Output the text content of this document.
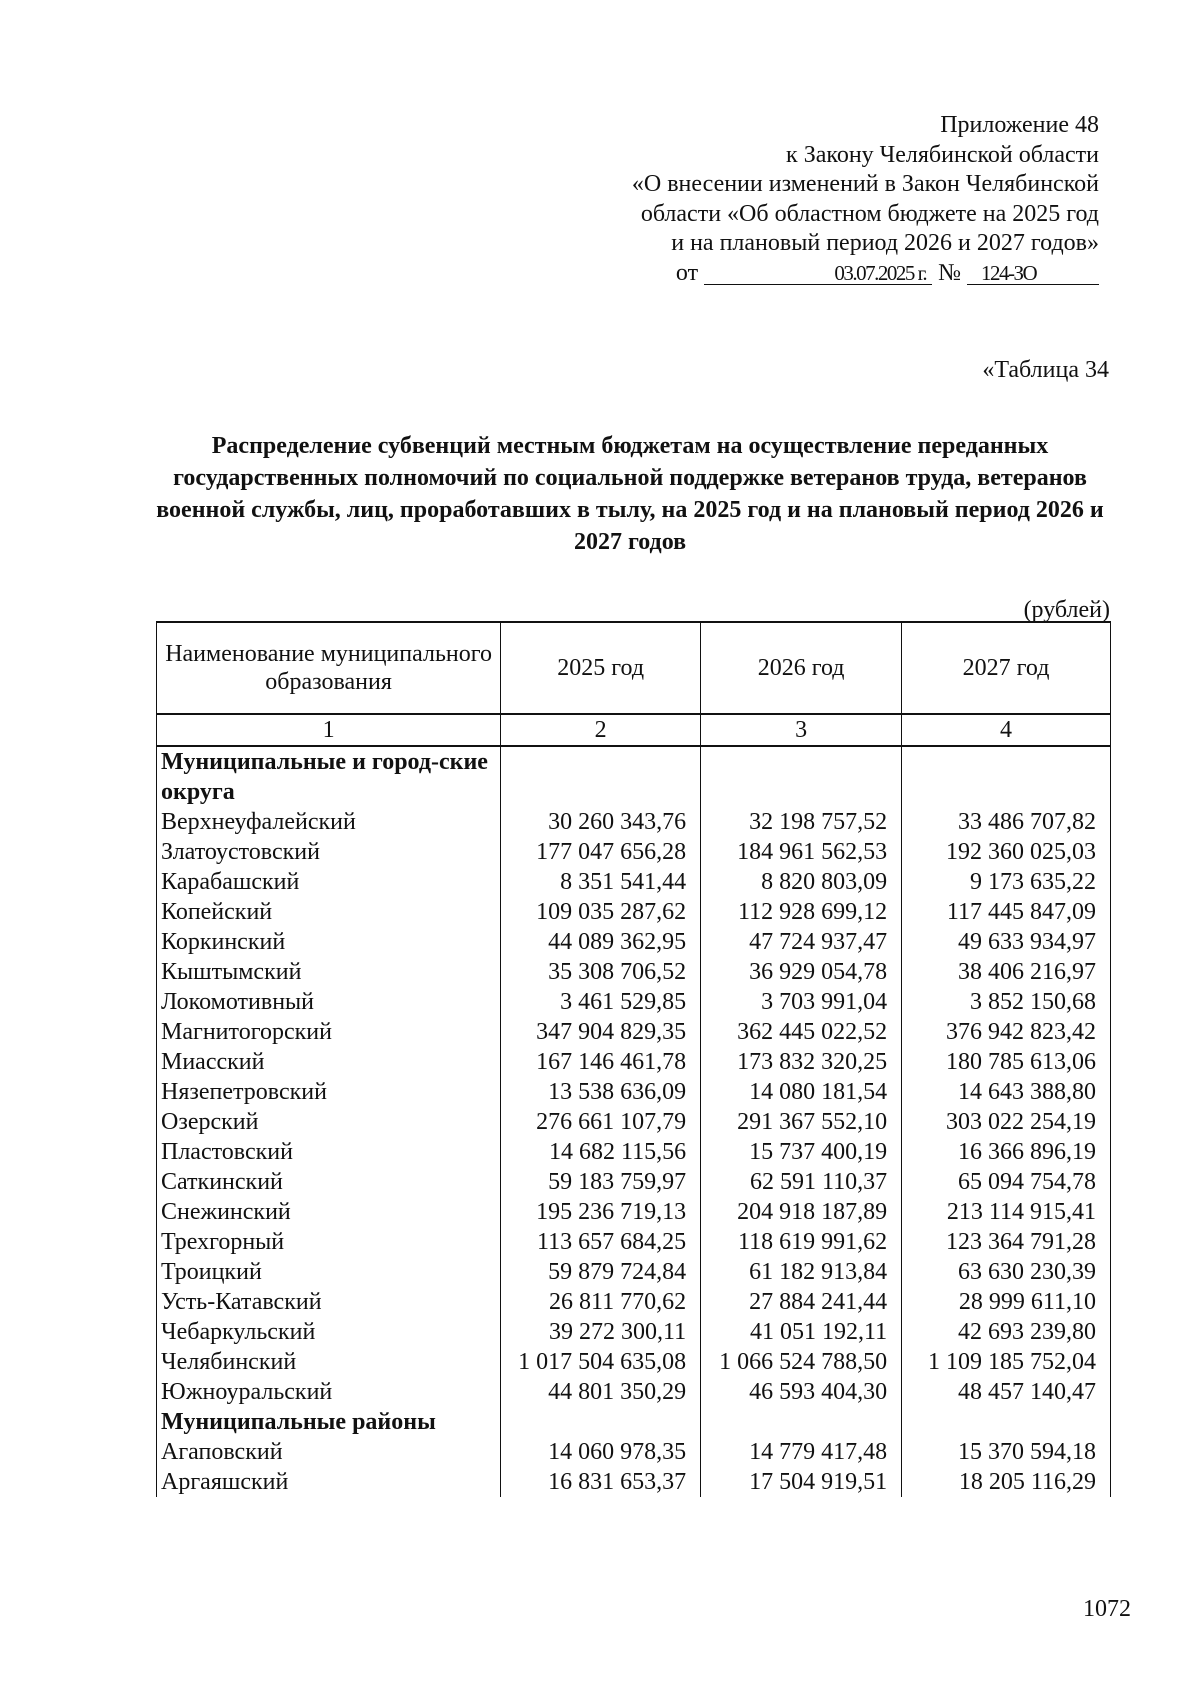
Приложение 48
к Закону Челябинской области
«О внесении изменений в Закон Челябинской
области «Об областном бюджете на 2025 год
и на плановый период 2026 и 2027 годов»
от	03.07.2025 г. № 124-ЗО
«Таблица 34
Распределение субвенций местным бюджетам на осуществление переданных государственных полномочий по социальной поддержке ветеранов труда, ветеранов военной службы, лиц, проработавших в тылу, на 2025 год и на плановый период 2026 и 2027 годов
(рублей)
Наименование муниципального образования	2025 год	2026 год	2027 год
1	2	3	4
Муниципальные и город-ские округа			
Верхнеуфалейский	30 260 343,76	32 198 757,52	33 486 707,82
Златоустовский	177 047 656,28	184 961 562,53	192 360 025,03
Карабашский	8 351 541,44	8 820 803,09	9 173 635,22
Копейский	109 035 287,62	112 928 699,12	117 445 847,09
Коркинский	44 089 362,95	47 724 937,47	49 633 934,97
Кыштымский	35 308 706,52	36 929 054,78	38 406 216,97
Локомотивный	3 461 529,85	3 703 991,04	3 852 150,68
Магнитогорский	347 904 829,35	362 445 022,52	376 942 823,42
Миасский	167 146 461,78	173 832 320,25	180 785 613,06
Нязепетровский	13 538 636,09	14 080 181,54	14 643 388,80
Озерский	276 661 107,79	291 367 552,10	303 022 254,19
Пластовский	14 682 115,56	15 737 400,19	16 366 896,19
Саткинский	59 183 759,97	62 591 110,37	65 094 754,78
Снежинский	195 236 719,13	204 918 187,89	213 114 915,41
Трехгорный	113 657 684,25	118 619 991,62	123 364 791,28
Троицкий	59 879 724,84	61 182 913,84	63 630 230,39
Усть-Катавский	26 811 770,62	27 884 241,44	28 999 611,10
Чебаркульский	39 272 300,11	41 051 192,11	42 693 239,80
Челябинский	1 017 504 635,08	1 066 524 788,50	1 109 185 752,04
Южноуральский	44 801 350,29	46 593 404,30	48 457 140,47
Муниципальные районы			
Агаповский	14 060 978,35	14 779 417,48	15 370 594,18
Аргаяшский	16 831 653,37	17 504 919,51	18 205 116,29
1072
